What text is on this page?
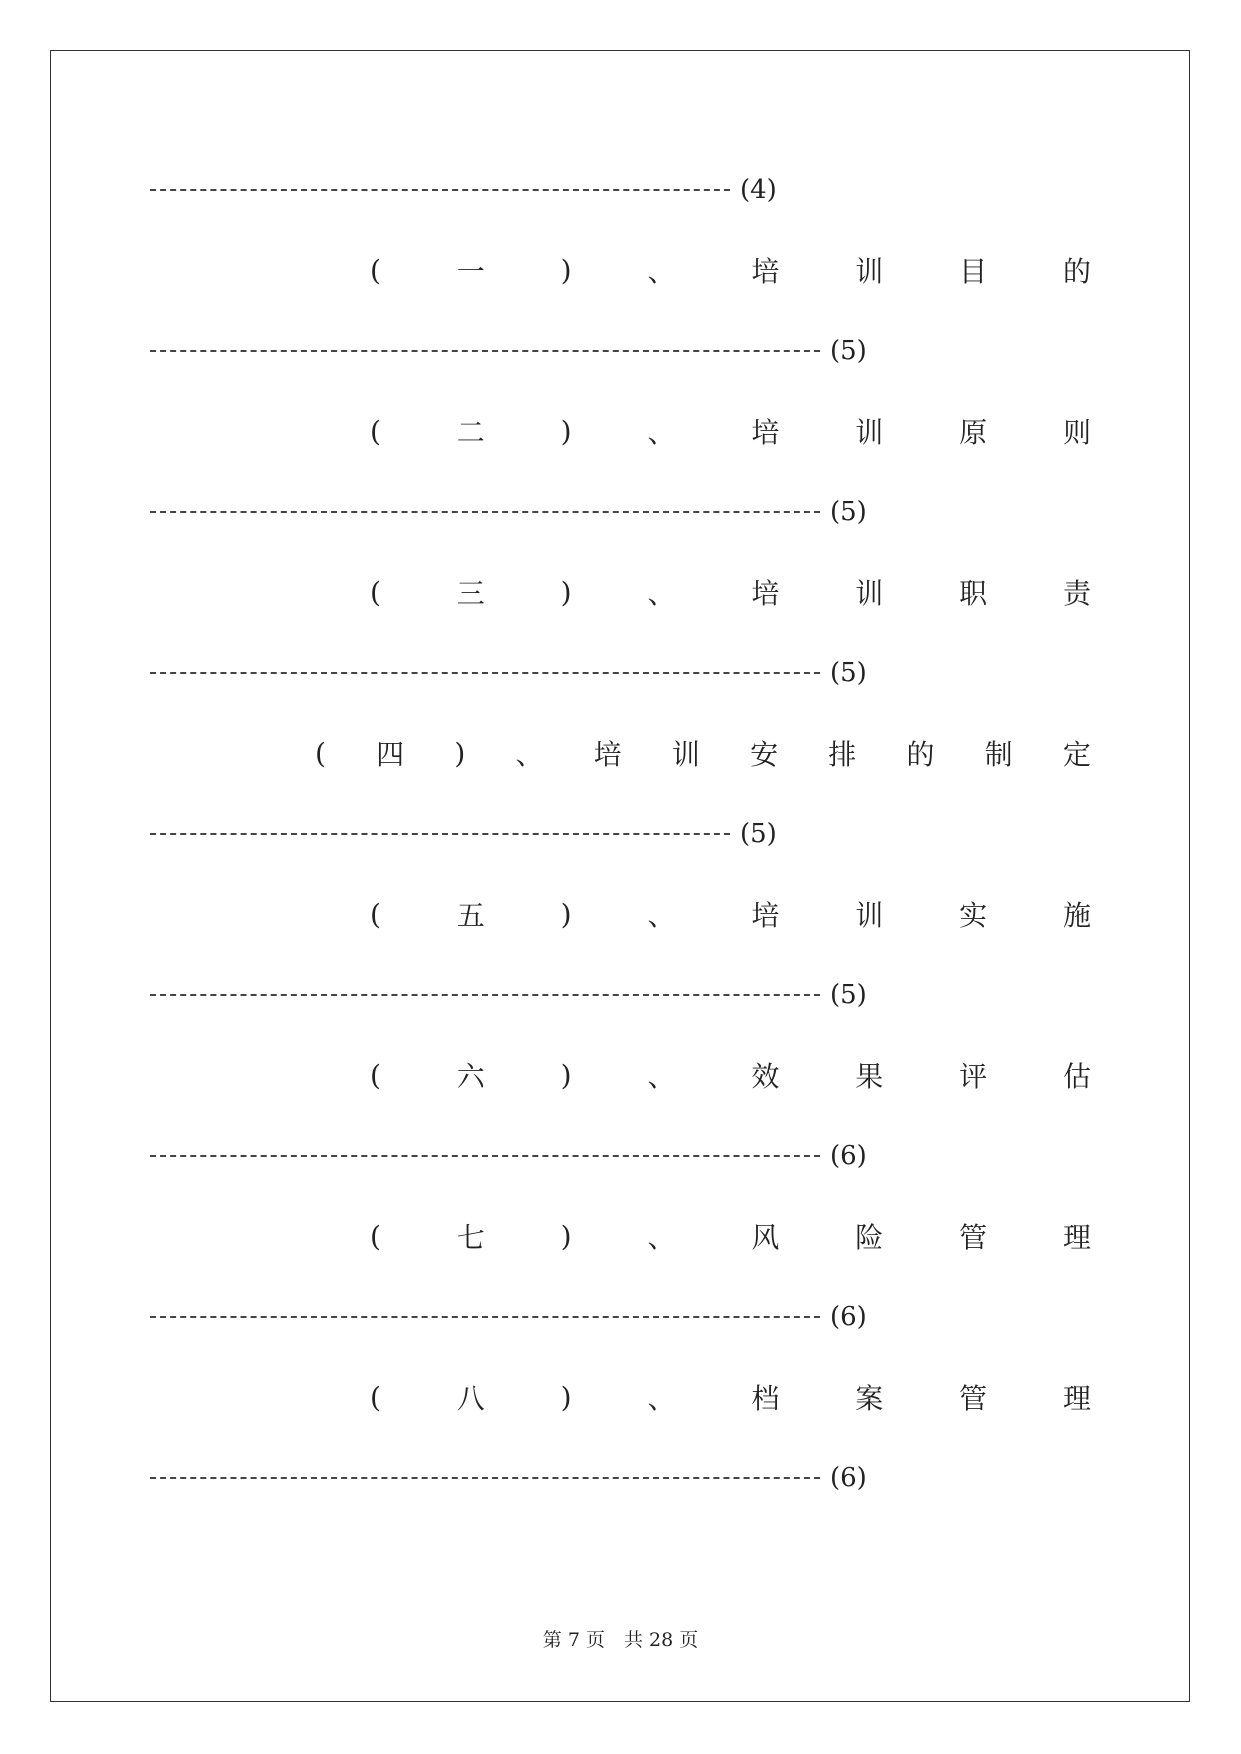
(4)
(	一	)	、	培	训	目	的
(5)
(	二	)	、	培	训	原	则
(5)
(	三	)	、	培	训	职	责
(5)
( 四 ) 、 培 训 安 排 的 制 定
(5)
(	五	)	、	培	训	实	施
(5)
(	六	)	、	效	果	评	估
(6)
(	七	)	、	风	险	管	理
(6)
(	八	)	、	档	案	管	理
(6)
第 7 页　共 28 页
